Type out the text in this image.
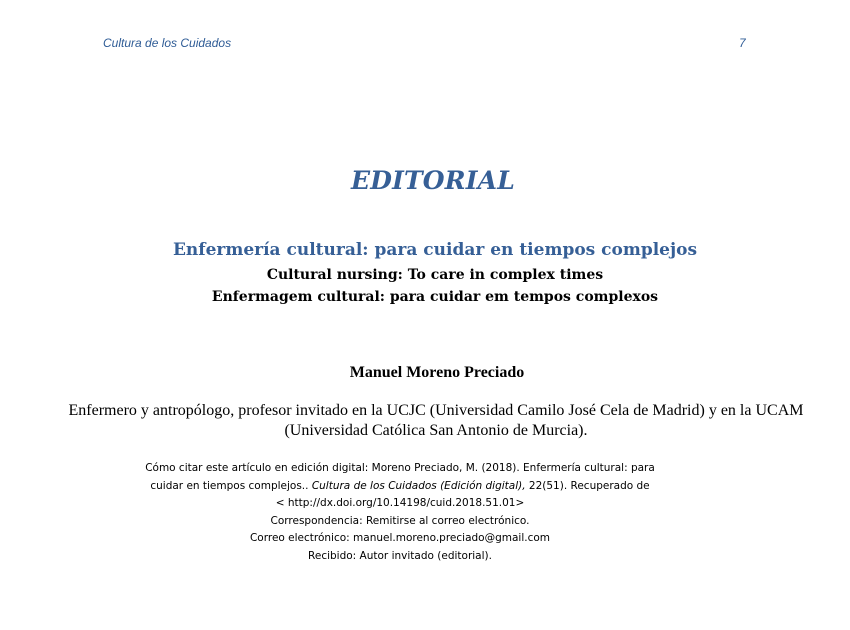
Cultura de los Cuidados	7
EDITORIAL
Enfermería cultural: para cuidar en tiempos complejos
Cultural nursing: To care in complex times
Enfermagem cultural: para cuidar em tempos complexos
Manuel Moreno Preciado
Enfermero y antropólogo, profesor invitado en la UCJC (Universidad Camilo José Cela de Madrid) y en la UCAM (Universidad Católica San Antonio de Murcia).
Cómo citar este artículo en edición digital: Moreno Preciado, M. (2018). Enfermería cultural: para
cuidar en tiempos complejos.. Cultura de los Cuidados (Edición digital), 22(51). Recuperado de
< http://dx.doi.org/10.14198/cuid.2018.51.01>
Correspondencia: Remitirse al correo electrónico.
Correo electrónico: manuel.moreno.preciado@gmail.com
Recibido: Autor invitado (editorial).
